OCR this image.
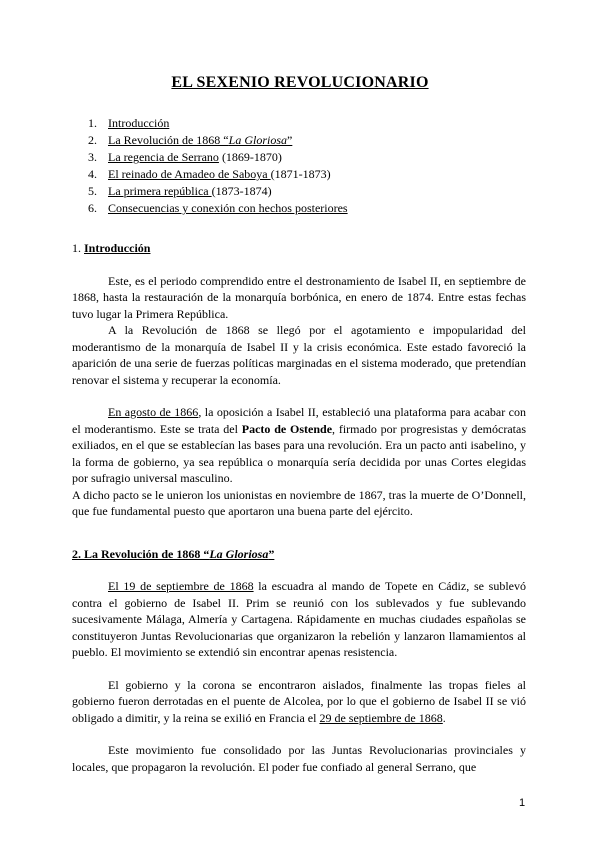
EL SEXENIO REVOLUCIONARIO
1. Introducción
2. La Revolución de 1868 “La Gloriosa”
3. La regencia de Serrano (1869-1870)
4. El reinado de Amadeo de Saboya (1871-1873)
5. La primera república (1873-1874)
6. Consecuencias y conexión con hechos posteriores

1. Introducción

Este, es el periodo comprendido entre el destronamiento de Isabel II, en septiembre de 1868, hasta la restauración de la monarquía borbónica, en enero de 1874. Entre estas fechas tuvo lugar la Primera República.

A la Revolución de 1868 se llegó por el agotamiento e impopularidad del moderantismo de la monarquía de Isabel II y la crisis económica. Este estado favoreció la aparición de una serie de fuerzas políticas marginadas en el sistema moderado, que pretendían renovar el sistema y recuperar la economía.

En agosto de 1866, la oposición a Isabel II, estableció una plataforma para acabar con el moderantismo. Este se trata del Pacto de Ostende, firmado por progresistas y demócratas exiliados, en el que se establecían las bases para una revolución. Era un pacto anti isabelino, y la forma de gobierno, ya sea república o monarquía sería decidida por unas Cortes elegidas por sufragio universal masculino.

A dicho pacto se le unieron los unionistas en noviembre de 1867, tras la muerte de O’Donnell, que fue fundamental puesto que aportaron una buena parte del ejército.

2. La Revolución de 1868 “La Gloriosa”

El 19 de septiembre de 1868 la escuadra al mando de Topete en Cádiz, se sublevó contra el gobierno de Isabel II. Prim se reunió con los sublevados y fue sublevando sucesivamente Málaga, Almería y Cartagena. Rápidamente en muchas ciudades españolas se constituyeron Juntas Revolucionarias que organizaron la rebelión y lanzaron llamamientos al pueblo. El movimiento se extendió sin encontrar apenas resistencia.

El gobierno y la corona se encontraron aislados, finalmente las tropas fieles al gobierno fueron derrotadas en el puente de Alcolea, por lo que el gobierno de Isabel II se vió obligado a dimitir, y la reina se exilió en Francia el 29 de septiembre de 1868.

Este movimiento fue consolidado por las Juntas Revolucionarias provinciales y locales, que propagaron la revolución. El poder fue confiado al general Serrano, que

1
